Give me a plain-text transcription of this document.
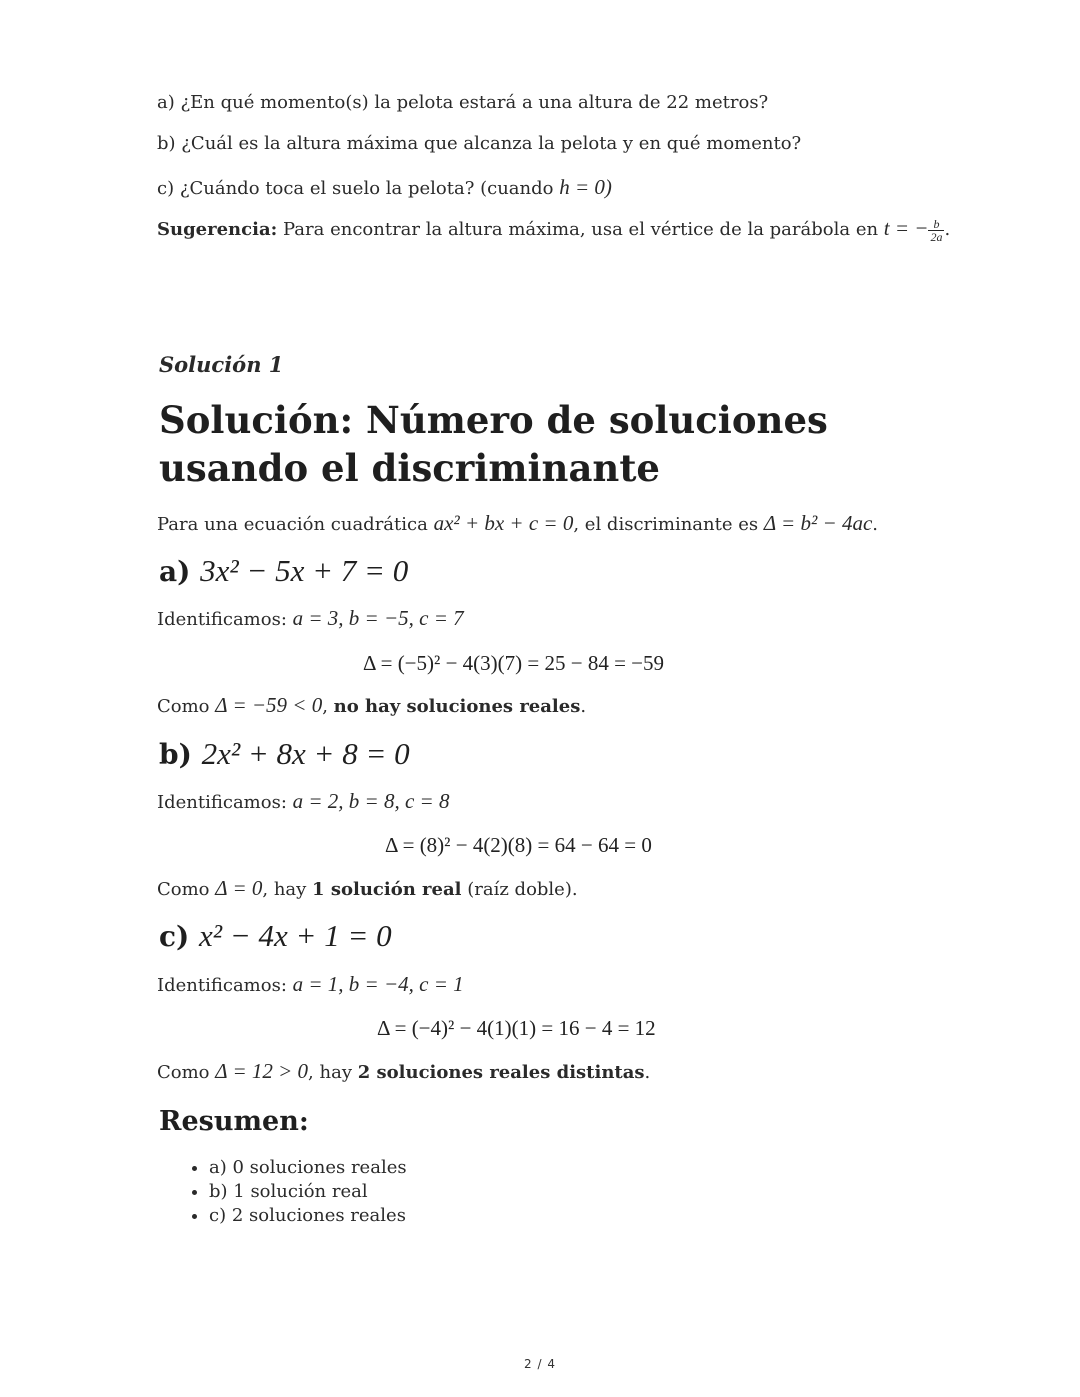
a) ¿En qué momento(s) la pelota estará a una altura de 22 metros?
b) ¿Cuál es la altura máxima que alcanza la pelota y en qué momento?
c) ¿Cuándo toca el suelo la pelota? (cuando h = 0)
Sugerencia: Para encontrar la altura máxima, usa el vértice de la parábola en t = − $\frac{b}{2a}$ .
Solución 1
Solución: Número de soluciones usando el discriminante
Para una ecuación cuadrática ax² + bx + c = 0, el discriminante es Δ = b² − 4ac.
a) 3x² − 5x + 7 = 0
Identificamos: a = 3, b = −5, c = 7
Δ = (−5)² − 4(3)(7) = 25 − 84 = −59
Como Δ = −59 < 0, no hay soluciones reales.
b) 2x² + 8x + 8 = 0
Identificamos: a = 2, b = 8, c = 8
Δ = (8)² − 4(2)(8) = 64 − 64 = 0
Como Δ = 0, hay 1 solución real (raíz doble).
c) x² − 4x + 1 = 0
Identificamos: a = 1, b = −4, c = 1
Δ = (−4)² − 4(1)(1) = 16 − 4 = 12
Como Δ = 12 > 0, hay 2 soluciones reales distintas.
Resumen:
• a) 0 soluciones reales
• b) 1 solución real
• c) 2 soluciones reales
2 / 4
